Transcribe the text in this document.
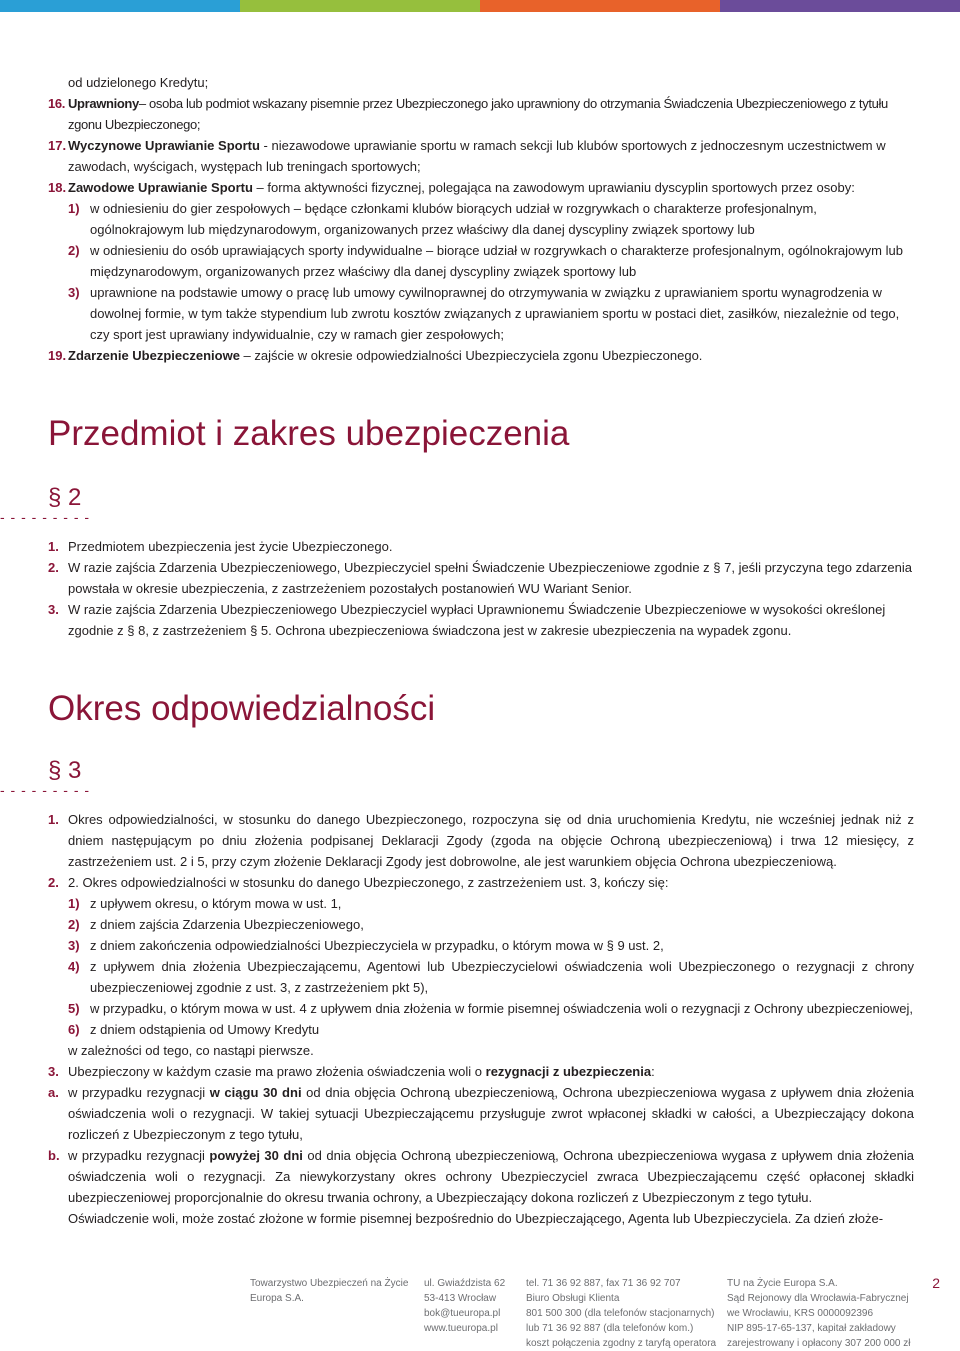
od udzielonego Kredytu;

16. Uprawniony– osoba lub podmiot wskazany pisemnie przez Ubezpieczonego jako uprawniony do otrzymania Świadczenia Ubezpieczeniowego z tytułu zgonu Ubezpieczonego;
17. Wyczynowe Uprawianie Sportu - niezawodowe uprawianie sportu w ramach sekcji lub klubów sportowych z jednoczesnym uczestnictwem w zawodach, wyścigach, występach lub treningach sportowych;
18. Zawodowe Uprawianie Sportu – forma aktywności fizycznej, polegająca na zawodowym uprawianiu dyscyplin sportowych przez osoby:
1) w odniesieniu do gier zespołowych – będące członkami klubów biorących udział w rozgrywkach o charakterze profesjonalnym, ogólnokrajowym lub międzynarodowym, organizowanych przez właściwy dla danej dyscypliny związek sportowy lub
2) w odniesieniu do osób uprawiających sporty indywidualne – biorące udział w rozgrywkach o charakterze profesjonalnym, ogólnokrajowym lub międzynarodowym, organizowanych przez właściwy dla danej dyscypliny związek sportowy lub
3) uprawnione na podstawie umowy o pracę lub umowy cywilnoprawnej do otrzymywania w związku z uprawianiem sportu wynagrodzenia w dowolnej formie, w tym także stypendium lub zwrotu kosztów związanych z uprawianiem sportu w postaci diet, zasiłków, niezależnie od tego, czy sport jest uprawiany indywidualnie, czy w ramach gier zespołowych;
19. Zdarzenie Ubezpieczeniowe – zajście w okresie odpowiedzialności Ubezpieczyciela zgonu Ubezpieczonego.
Przedmiot i zakres ubezpieczenia
§ 2
- - - - - - - - -
1. Przedmiotem ubezpieczenia jest życie Ubezpieczonego.
2. W razie zajścia Zdarzenia Ubezpieczeniowego, Ubezpieczyciel spełni Świadczenie Ubezpieczeniowe zgodnie z § 7, jeśli przyczyna tego zdarzenia powstała w okresie ubezpieczenia, z zastrzeżeniem pozostałych postanowień WU Wariant Senior.
3. W razie zajścia Zdarzenia Ubezpieczeniowego Ubezpieczyciel wypłaci Uprawnionemu Świadczenie Ubezpieczeniowe w wysokości określonej zgodnie z § 8, z zastrzeżeniem § 5. Ochrona ubezpieczeniowa świadczona jest w zakresie ubezpieczenia na wypadek zgonu.
Okres odpowiedzialności
§ 3
- - - - - - - - -
1. Okres odpowiedzialności, w stosunku do danego Ubezpieczonego, rozpoczyna się od dnia uruchomienia Kredytu, nie wcześniej jednak niż z dniem następującym po dniu złożenia podpisanej Deklaracji Zgody (zgoda na objęcie Ochroną ubezpieczeniową) i trwa 12 miesięcy, z zastrzeżeniem ust. 2 i 5, przy czym złożenie Deklaracji Zgody jest dobrowolne, ale jest warunkiem objęcia Ochrona ubezpieczeniową.
2. 2. Okres odpowiedzialności w stosunku do danego Ubezpieczonego, z zastrzeżeniem ust. 3, kończy się:
1) z upływem okresu, o którym mowa w ust. 1,
2) z dniem zajścia Zdarzenia Ubezpieczeniowego,
3) z dniem zakończenia odpowiedzialności Ubezpieczyciela w przypadku, o którym mowa w § 9 ust. 2,
4) z upływem dnia złożenia Ubezpieczającemu, Agentowi lub Ubezpieczycielowi oświadczenia woli Ubezpieczonego o rezygnacji z chrony ubezpieczeniowej zgodnie z ust. 3, z zastrzeżeniem pkt 5),
5) w przypadku, o którym mowa w ust. 4 z upływem dnia złożenia w formie pisemnej oświadczenia woli o rezygnacji z Ochrony ubezpieczeniowej,
6) z dniem odstąpienia od Umowy Kredytu

w zależności od tego, co nastąpi pierwsze.

3. Ubezpieczony w każdym czasie ma prawo złożenia oświadczenia woli o rezygnacji z ubezpieczenia:
a. w przypadku rezygnacji w ciągu 30 dni od dnia objęcia Ochroną ubezpieczeniową, Ochrona ubezpieczeniowa wygasa z upływem dnia złożenia oświadczenia woli o rezygnacji. W takiej sytuacji Ubezpieczającemu przysługuje zwrot wpłaconej składki w całości, a Ubezpieczający dokona rozliczeń z Ubezpieczonym z tego tytułu,
b. w przypadku rezygnacji powyżej 30 dni od dnia objęcia Ochroną ubezpieczeniową, Ochrona ubezpieczeniowa wygasa z upływem dnia złożenia oświadczenia woli o rezygnacji. Za niewykorzystany okres ochrony Ubezpieczyciel zwraca Ubezpieczającemu część opłaconej składki ubezpieczeniowej proporcjonalnie do okresu trwania ochrony, a Ubezpieczający dokona rozliczeń z Ubezpieczonym z tego tytułu.

Oświadczenie woli, może zostać złożone w formie pisemnej bezpośrednio do Ubezpieczającego, Agenta lub Ubezpieczyciela. Za dzień złoże-

Towarzystwo Ubezpieczeń na Życie
Europa S.A.
ul. Gwiaździsta 62
53-413 Wrocław
bok@tueuropa.pl
www.tueuropa.pl
tel. 71 36 92 887, fax 71 36 92 707
Biuro Obsługi Klienta
801 500 300 (dla telefonów stacjonarnych)
lub 71 36 92 887 (dla telefonów kom.)
koszt połączenia zgodny z taryfą operatora
TU na Życie Europa S.A.
Sąd Rejonowy dla Wrocławia-Fabrycznej
we Wrocławiu, KRS 0000092396
NIP 895-17-65-137, kapitał zakładowy
zarejestrowany i opłacony 307 200 000 zł
2
